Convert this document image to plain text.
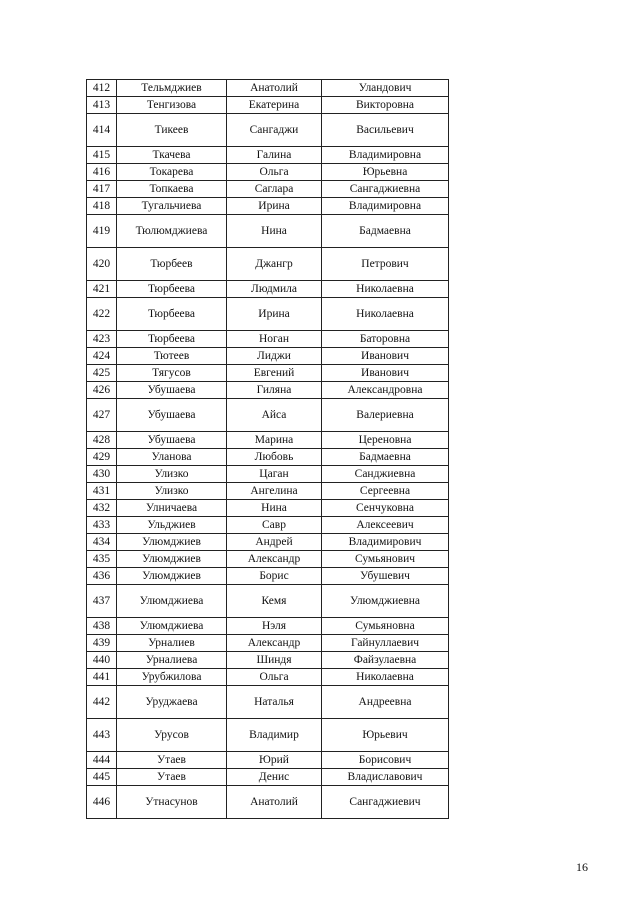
412	Тельмджиев	Анатолий	Уландович
413	Тенгизова	Екатерина	Викторовна
414	Тикеев	Сангаджи	Васильевич
415	Ткачева	Галина	Владимировна
416	Токарева	Ольга	Юрьевна
417	Топкаева	Саглара	Сангаджиевна
418	Тугальчиева	Ирина	Владимировна
419	Тюлюмджиева	Нина	Бадмаевна
420	Тюрбеев	Джангр	Петрович
421	Тюрбеева	Людмила	Николаевна
422	Тюрбеева	Ирина	Николаевна
423	Тюрбеева	Ноган	Баторовна
424	Тютеев	Лиджи	Иванович
425	Тягусов	Евгений	Иванович
426	Убушаева	Гиляна	Александровна
427	Убушаева	Айса	Валериевна
428	Убушаева	Марина	Цереновна
429	Уланова	Любовь	Бадмаевна
430	Улизко	Цаган	Санджиевна
431	Улизко	Ангелина	Сергеевна
432	Улничаева	Нина	Сенчуковна
433	Ульджиев	Савр	Алексеевич
434	Улюмджиев	Андрей	Владимирович
435	Улюмджиев	Александр	Сумьянович
436	Улюмджиев	Борис	Убушевич
437	Улюмджиева	Кемя	Улюмджиевна
438	Улюмджиева	Нэля	Сумьяновна
439	Урналиев	Александр	Гайнуллаевич
440	Урналиева	Шиндя	Файзулаевна
441	Урубжилова	Ольга	Николаевна
442	Уруджаева	Наталья	Андреевна
443	Урусов	Владимир	Юрьевич
444	Утаев	Юрий	Борисович
445	Утаев	Денис	Владиславович
446	Утнасунов	Анатолий	Сангаджиевич
16
